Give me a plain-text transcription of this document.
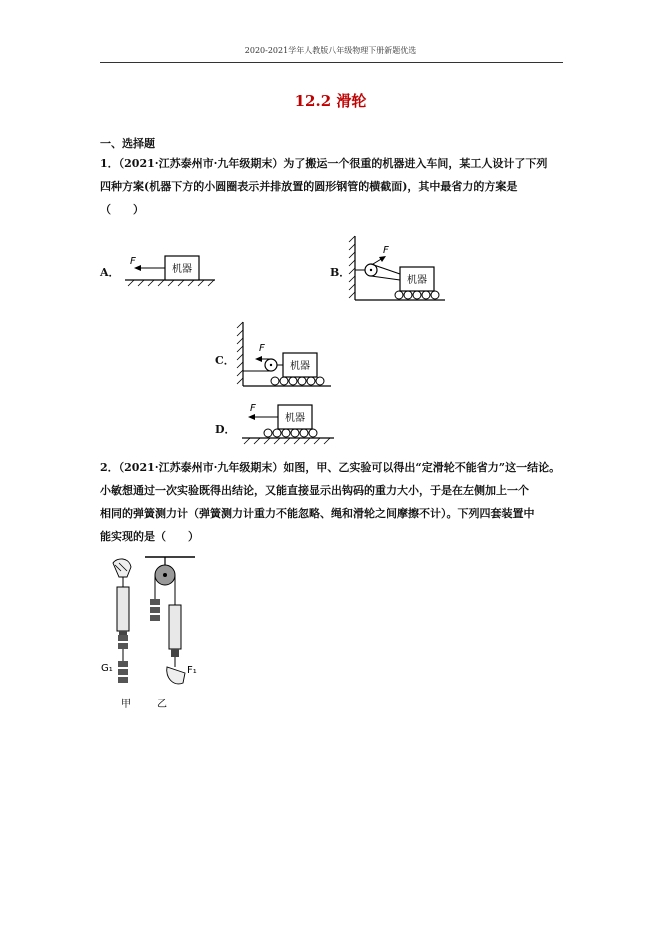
2020-2021学年人教版八年级物理下册新题优选
12.2 滑轮
一、选择题

1．（2021·江苏泰州市·九年级期末）为了搬运一个很重的机器进入车间，某工人设计了下列

四种方案(机器下方的小圆圈表示并排放置的圆形钢管的横截面)，其中最省力的方案是

（　　）

A．	机器
F
B．
机器
F
C．	机器
F
D．
机器
F

2．（2021·江苏泰州市·九年级期末）如图，甲、乙实验可以得出“定滑轮不能省力”这一结论。

小敏想通过一次实验既得出结论，又能直接显示出钩码的重力大小，于是在左侧加上一个

相同的弹簧测力计（弹簧测力计重力不能忽略、绳和滑轮之间摩擦不计）。下列四套装置中

能实现的是（　　）

G₁
甲
F₁
乙
